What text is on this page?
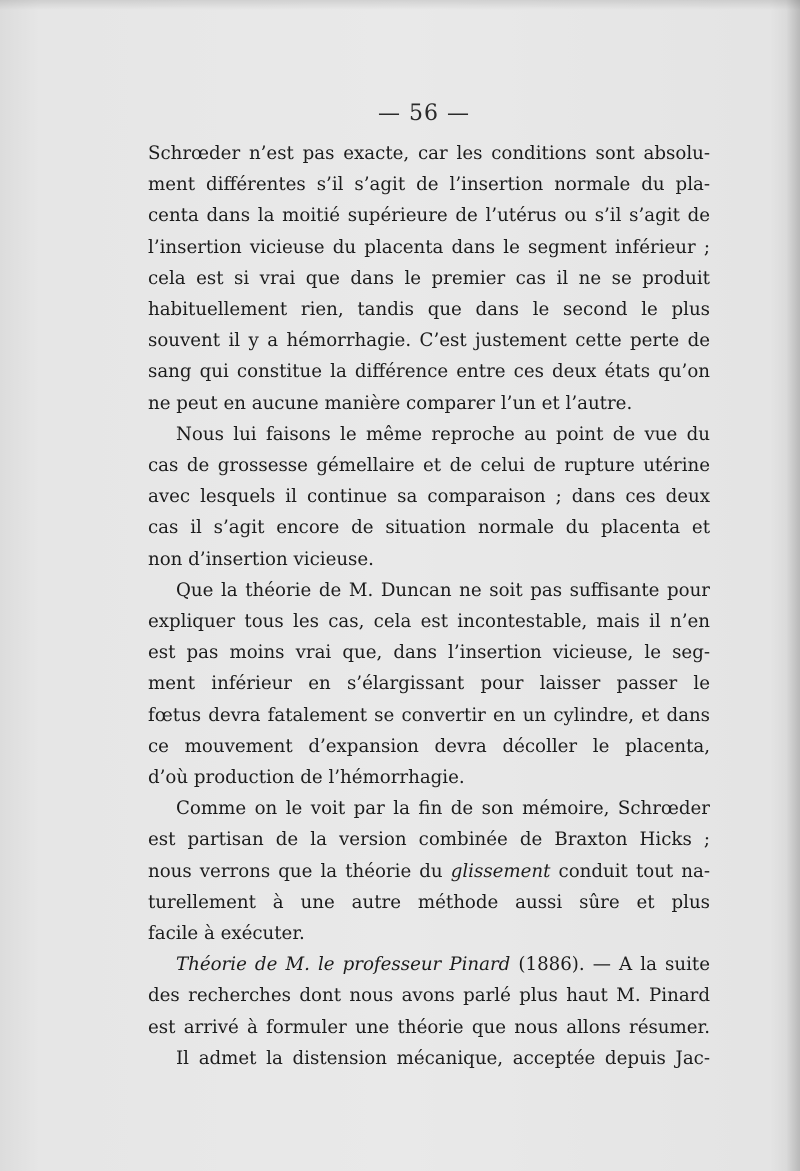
— 56 —
Schrœder n’est pas exacte, car les conditions sont absolu-
ment différentes s’il s’agit de l’insertion normale du pla-
centa dans la moitié supérieure de l’utérus ou s’il s’agit de
l’insertion vicieuse du placenta dans le segment inférieur ;
cela est si vrai que dans le premier cas il ne se produit
habituellement rien, tandis que dans le second le plus
souvent il y a hémorrhagie. C’est justement cette perte de
sang qui constitue la différence entre ces deux états qu’on
ne peut en aucune manière comparer l’un et l’autre.
Nous lui faisons le même reproche au point de vue du
cas de grossesse gémellaire et de celui de rupture utérine
avec lesquels il continue sa comparaison ; dans ces deux
cas il s’agit encore de situation normale du placenta et
non d’insertion vicieuse.
Que la théorie de M. Duncan ne soit pas suffisante pour
expliquer tous les cas, cela est incontestable, mais il n’en
est pas moins vrai que, dans l’insertion vicieuse, le seg-
ment inférieur en s’élargissant pour laisser passer le
fœtus devra fatalement se convertir en un cylindre, et dans
ce mouvement d’expansion devra décoller le placenta,
d’où production de l’hémorrhagie.
Comme on le voit par la fin de son mémoire, Schrœder
est partisan de la version combinée de Braxton Hicks ;
nous verrons que la théorie du glissement conduit tout na-
turellement à une autre méthode aussi sûre et plus
facile à exécuter.
Théorie de M. le professeur Pinard (1886). — A la suite
des recherches dont nous avons parlé plus haut M. Pinard
est arrivé à formuler une théorie que nous allons résumer.
Il admet la distension mécanique, acceptée depuis Jac-
